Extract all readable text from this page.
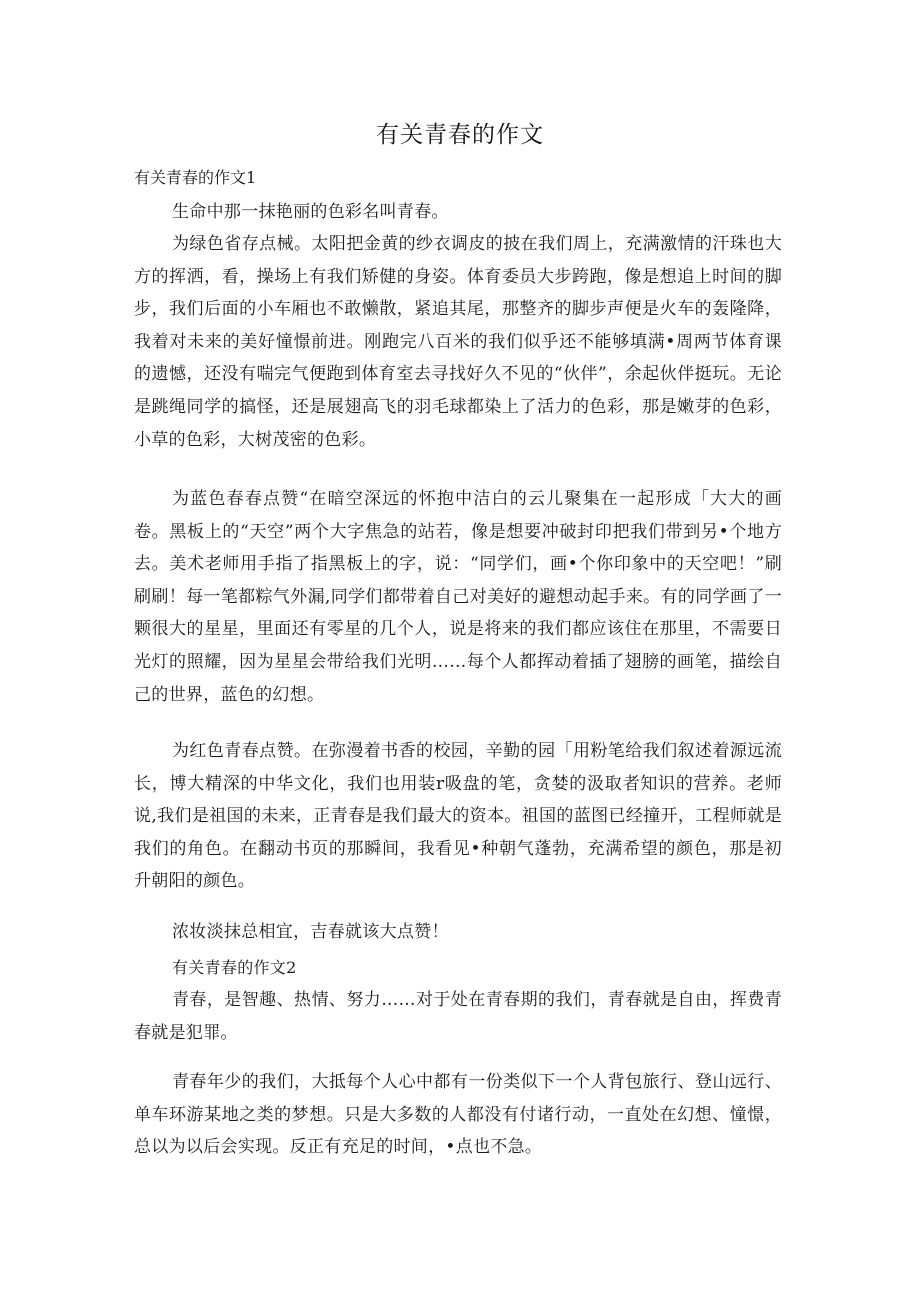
有关青春的作文
有关青春的作文1
生命中那一抹艳丽的色彩名叫青春。
为绿色省存点械。太阳把金黄的纱衣调皮的披在我们周上，充满激情的汗珠也大方的挥洒，看，操场上有我们矫健的身姿。体育委员大步跨跑，像是想追上时间的脚步，我们后面的小车厢也不敢懒散，紧追其尾，那整齐的脚步声便是火车的轰隆降，我着对未来的美好憧憬前进。刚跑完八百米的我们似乎还不能够填满•周两节体育课的遗憾，还没有喘完气便跑到体育室去寻找好久不见的“伙伴”，余起伙伴挺玩。无论是跳绳同学的搞怪，还是展翅高飞的羽毛球都染上了活力的色彩，那是嫩芽的色彩，小草的色彩，大树茂密的色彩。
为蓝色春春点赞“在暗空深远的怀抱中洁白的云儿聚集在一起形成「大大的画卷。黑板上的“天空”两个大字焦急的站若，像是想要冲破封印把我们带到另•个地方去。美术老师用手指了指黑板上的字，说：“同学们，画•个你印象中的天空吧！”刷刷刷！每一笔都粽气外漏,同学们都带着自己对美好的避想动起手来。有的同学画了一颗很大的星星，里面还有零星的几个人，说是将来的我们都应该住在那里，不需要日光灯的照耀，因为星星会带给我们光明……每个人都挥动着插了翅膀的画笔，描绘自己的世界，蓝色的幻想。
为红色青春点赞。在弥漫着书香的校园，辛勤的园「用粉笔给我们叙述着源远流长，博大精深的中华文化，我们也用装r吸盘的笔，贪婪的汲取者知识的营养。老师说,我们是祖国的未来，正青春是我们最大的资本。祖国的蓝图已经撞开，工程师就是我们的角色。在翻动书页的那瞬间，我看见•种朝气蓬勃，充满希望的颜色，那是初升朝阳的颜色。
浓妆淡抹总相宜，吉春就该大点赞！
有关青春的作文2
青春，是智趣、热情、努力……对于处在青春期的我们，青春就是自由，挥费青春就是犯罪。
青春年少的我们，大抵每个人心中都有一份类似下一个人背包旅行、登山远行、单车环游某地之类的梦想。只是大多数的人都没有付诸行动，一直处在幻想、憧憬，总以为以后会实现。反正有充足的时间，•点也不急。
